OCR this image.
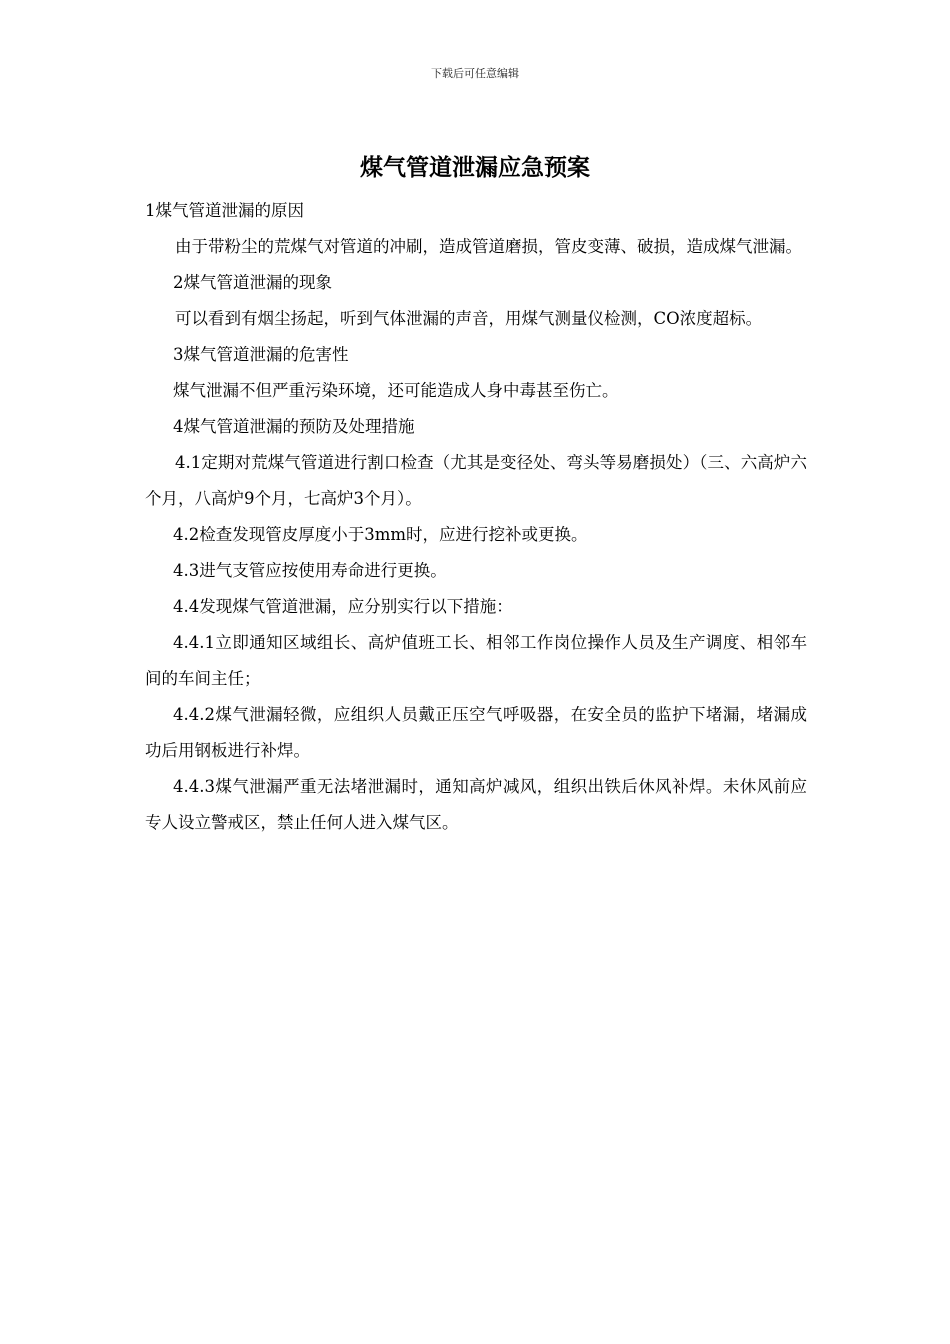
下载后可任意编辑
煤气管道泄漏应急预案

1煤气管道泄漏的原因

由于带粉尘的荒煤气对管道的冲刷，造成管道磨损，管皮变薄、破损，造成煤气泄漏。

2煤气管道泄漏的现象

可以看到有烟尘扬起，听到气体泄漏的声音，用煤气测量仪检测，CO浓度超标。

3煤气管道泄漏的危害性

煤气泄漏不但严重污染环境，还可能造成人身中毒甚至伤亡。

4煤气管道泄漏的预防及处理措施

4.1定期对荒煤气管道进行割口检查（尤其是变径处、弯头等易磨损处）（三、六高炉六个月，八高炉9个月，七高炉3个月）。

4.2检查发现管皮厚度小于3mm时，应进行挖补或更换。

4.3进气支管应按使用寿命进行更换。

4.4发现煤气管道泄漏，应分别实行以下措施：

4.4.1立即通知区域组长、高炉值班工长、相邻工作岗位操作人员及生产调度、相邻车间的车间主任；

4.4.2煤气泄漏轻微，应组织人员戴正压空气呼吸器，在安全员的监护下堵漏，堵漏成功后用钢板进行补焊。

4.4.3煤气泄漏严重无法堵泄漏时，通知高炉减风，组织出铁后休风补焊。未休风前应专人设立警戒区，禁止任何人进入煤气区。
